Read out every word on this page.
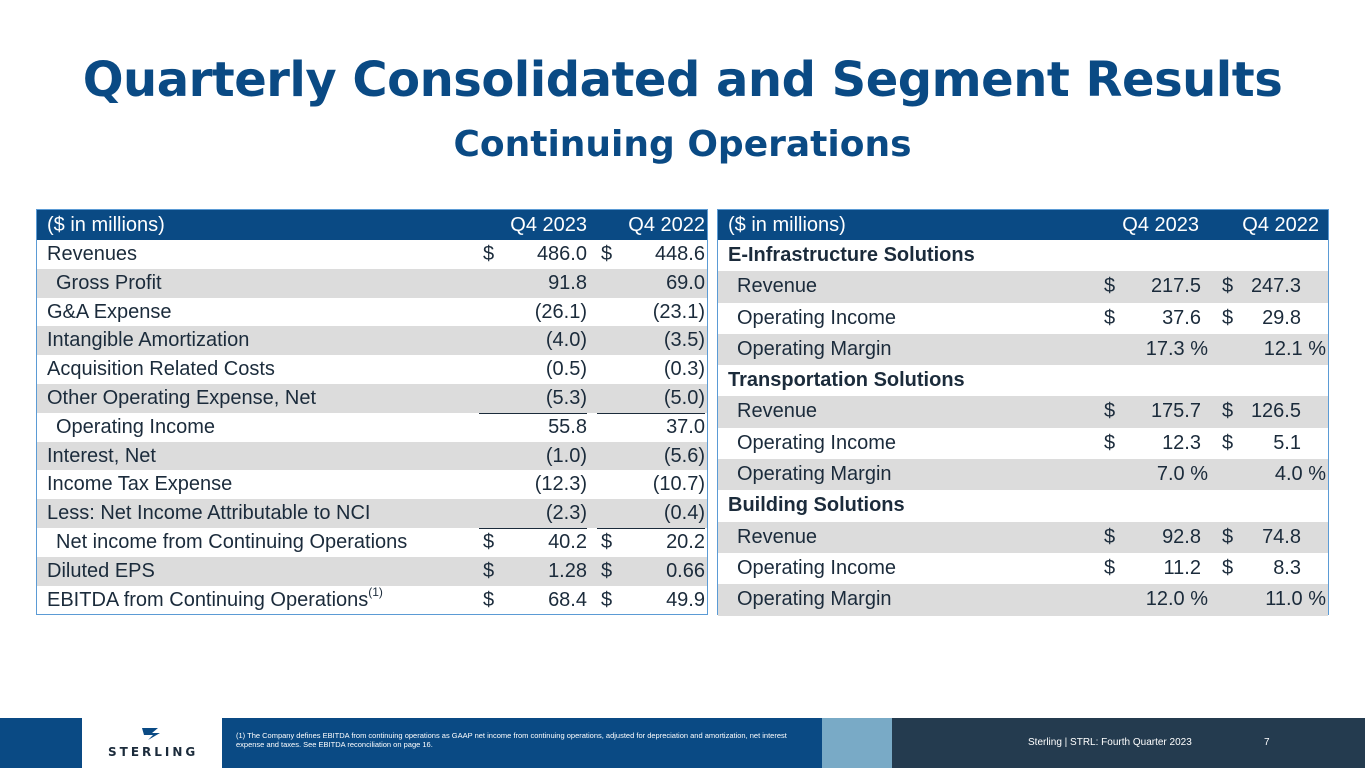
Quarterly Consolidated and Segment Results
Continuing Operations
($ in millions)	Q4 2023 Q4 2022
Revenues	$	486.0 $	448.6
Gross Profit	91.8	69.0
G&A Expense	(26.1)	(23.1)
Intangible Amortization	(4.0)	(3.5)
Acquisition Related Costs	(0.5)	(0.3)
Other Operating Expense, Net	(5.3)	(5.0)
Operating Income	55.8	37.0
Interest, Net	(1.0)	(5.6)
Income Tax Expense	(12.3)	(10.7)
Less: Net Income Attributable to NCI	(2.3)	(0.4)
Net income from Continuing Operations	$	40.2 $	20.2
Diluted EPS	$	1.28 $	0.66
EBITDA from Continuing Operations$^{(1)}$	$	68.4 $	49.9
($ in millions)	Q4 2023 Q4 2022
E-Infrastructure Solutions
Revenue	$ 217.5 $ 247.3
Operating Income	$ 37.6 $ 29.8
Operating Margin	17.3 %	12.1 %
Transportation Solutions
Revenue	$ 175.7 $ 126.5
Operating Income	$ 12.3 $ 5.1
Operating Margin	7.0 %	4.0 %
Building Solutions
Revenue	$ 92.8 $ 74.8
Operating Income	$ 11.2 $ 8.3
Operating Margin	12.0 %	11.0 %
STERLING
(1) The Company defines EBITDA from continuing operations as GAAP net income from continuing operations, adjusted for depreciation and amortization, net interest expense and taxes. See EBITDA reconciliation on page 16.	Sterling | STRL: Fourth Quarter 2023	7
